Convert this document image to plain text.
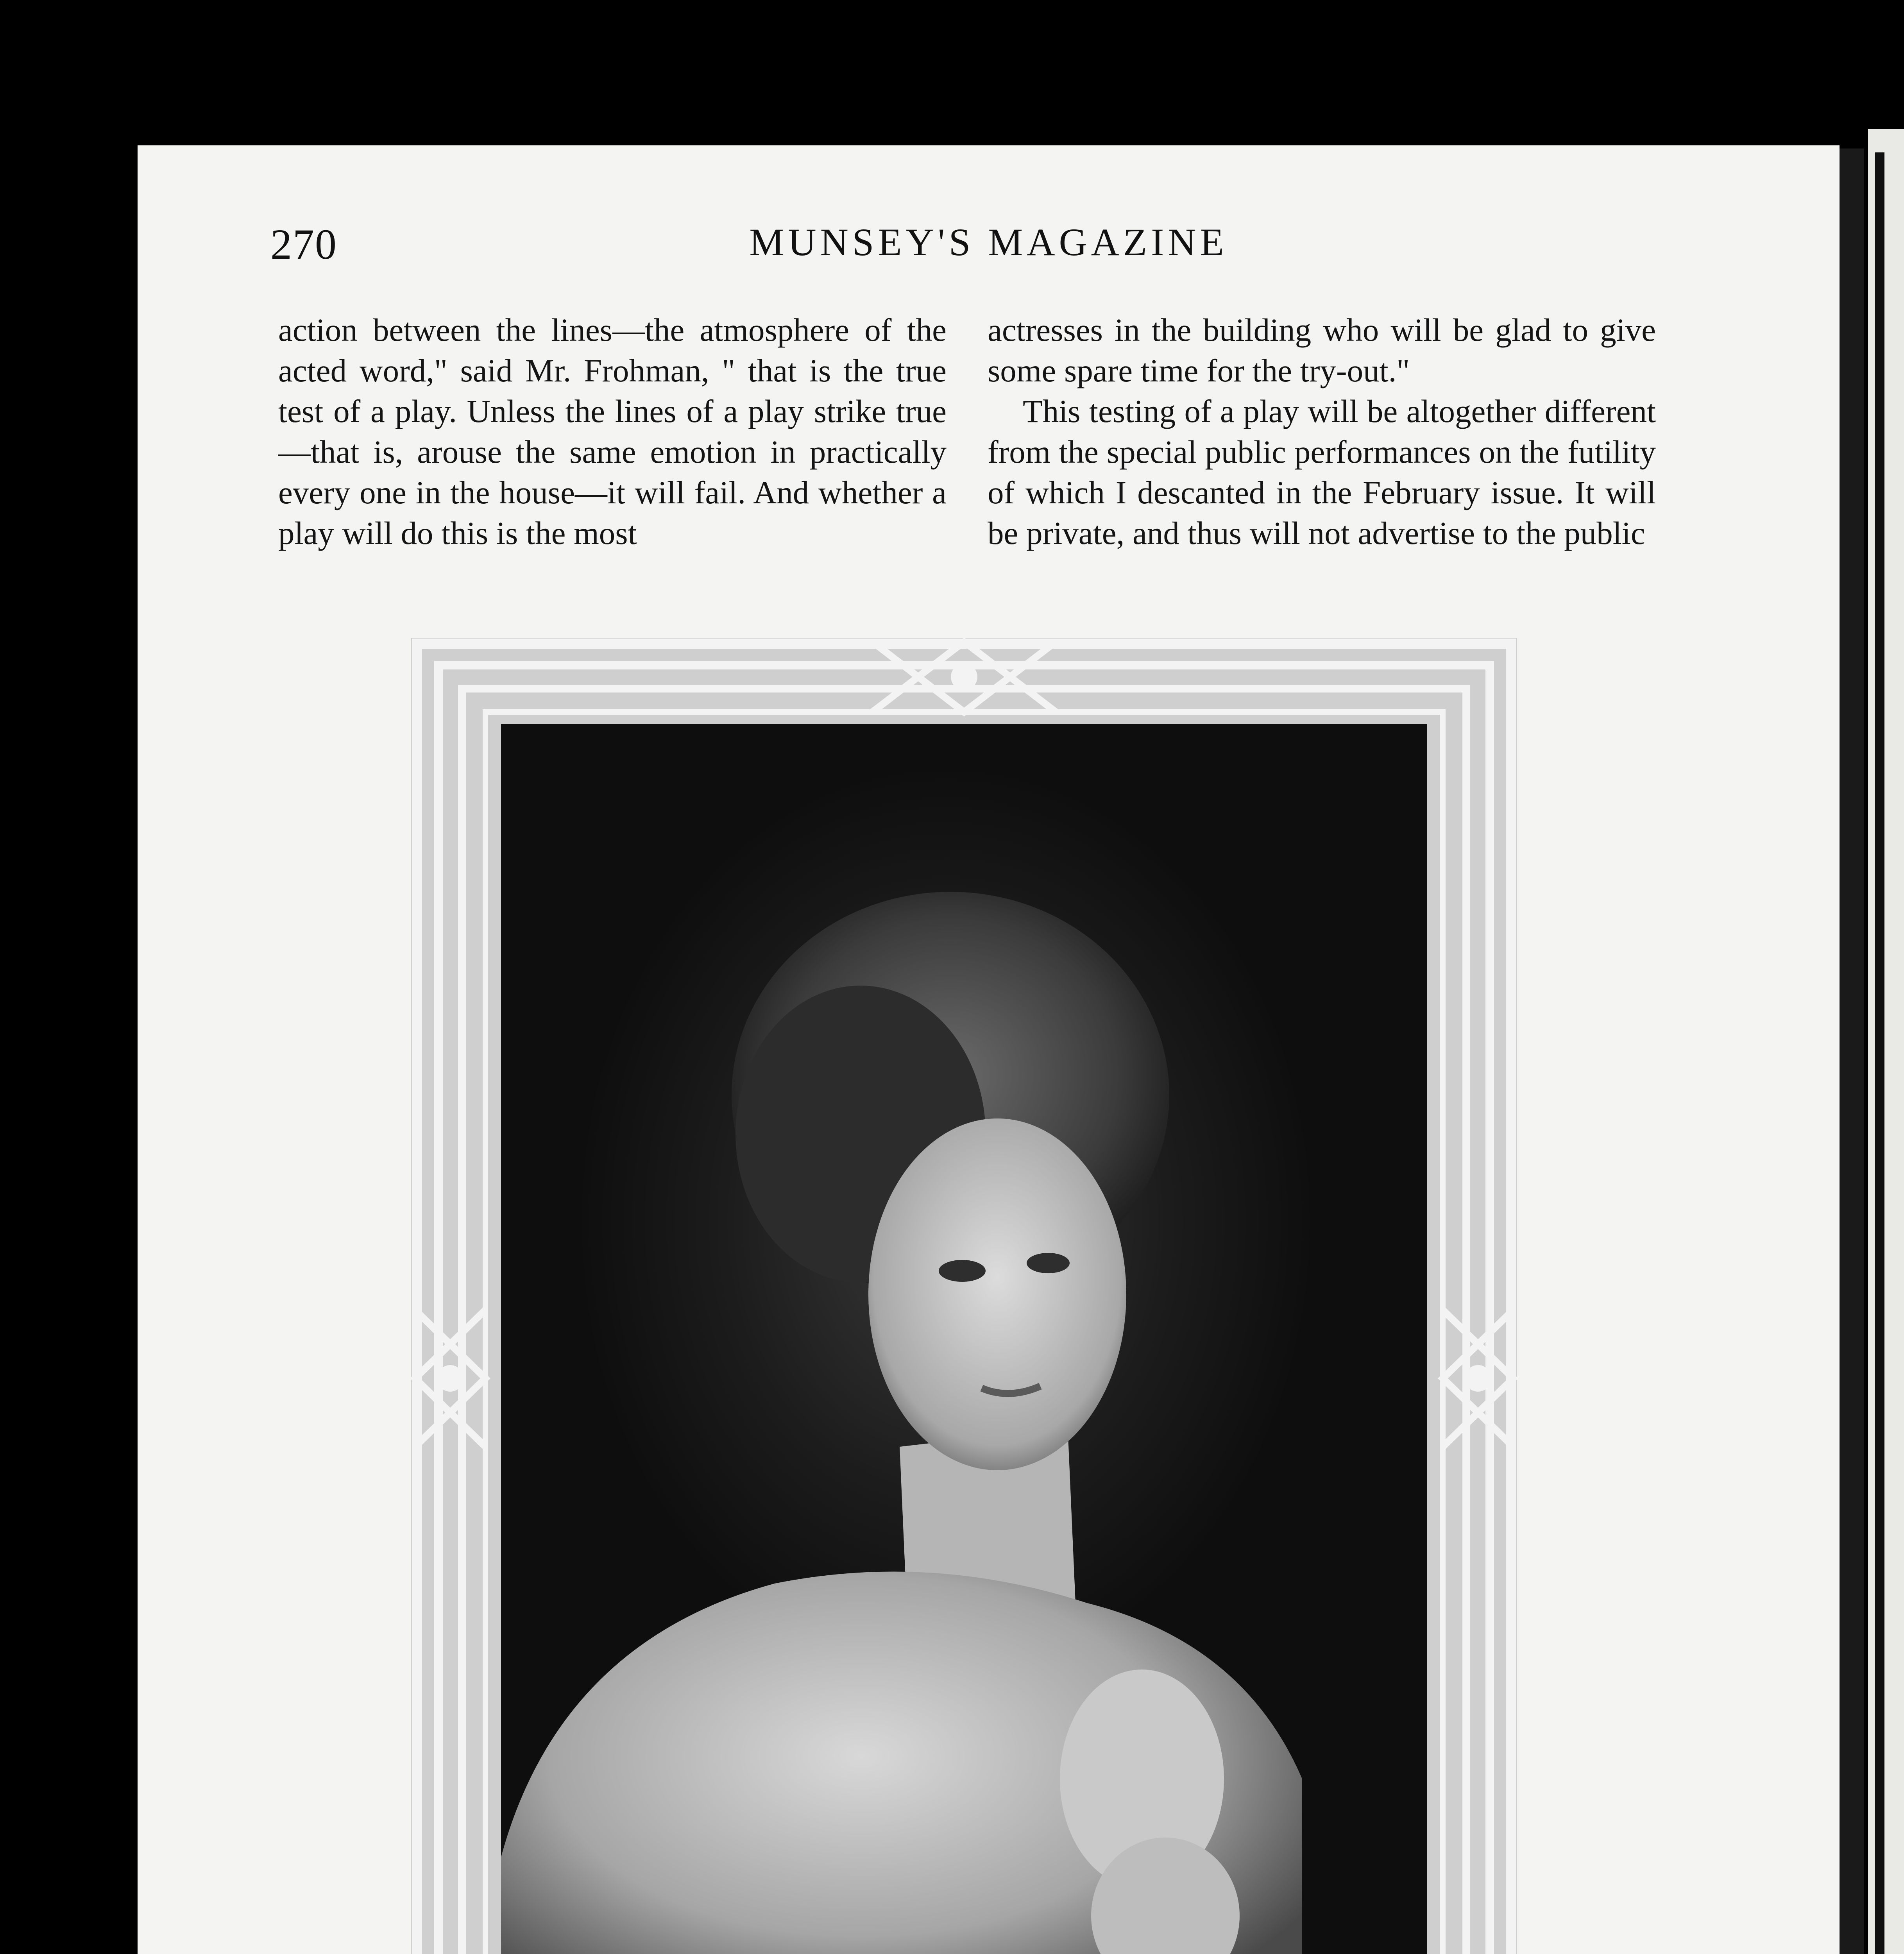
270	MUNSEY'S MAGAZINE

action between the lines—the atmosphere of the acted word," said Mr. Frohman, " that is the true test of a play. Unless the lines of a play strike true—that is, arouse the same emotion in practically every one in the house—it will fail. And whether a play will do this is the most

actresses in the building who will be glad to give some spare time for the try-out."

This testing of a play will be altogether different from the special public performances on the futility of which I descanted in the February issue. It will be private, and thus will not advertise to the public
